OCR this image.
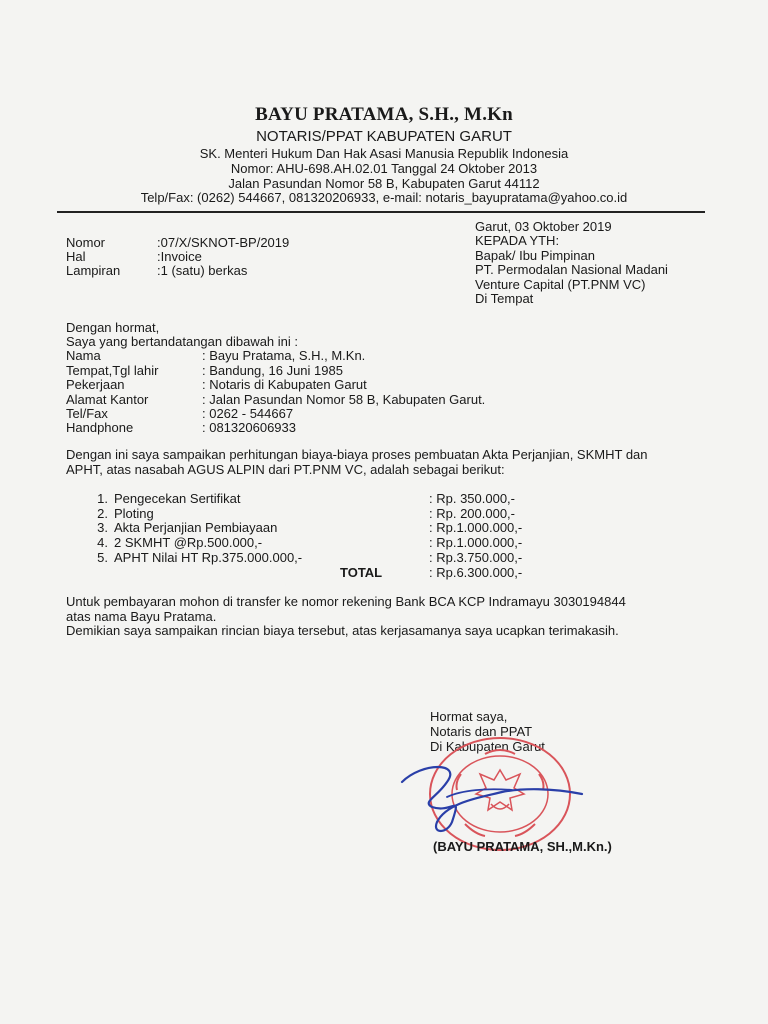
BAYU PRATAMA, S.H., M.Kn
NOTARIS/PPAT KABUPATEN GARUT
SK. Menteri Hukum Dan Hak Asasi Manusia Republik Indonesia
Nomor: AHU-698.AH.02.01 Tanggal 24 Oktober 2013
Jalan Pasundan Nomor 58 B, Kabupaten Garut 44112
Telp/Fax: (0262) 544667, 081320206933, e-mail: notaris_bayupratama@yahoo.co.id
Nomor	:07/X/SKNOT-BP/2019
Hal	:Invoice
Lampiran	:1 (satu) berkas
Garut, 03 Oktober 2019
KEPADA YTH:
Bapak/ Ibu Pimpinan
PT. Permodalan Nasional Madani
Venture Capital (PT.PNM VC)
Di Tempat
Dengan hormat,
Saya yang bertandatangan dibawah ini :
Nama	: Bayu Pratama, S.H., M.Kn.
Tempat,Tgl lahir	: Bandung, 16 Juni 1985
Pekerjaan	: Notaris di Kabupaten Garut
Alamat Kantor	: Jalan Pasundan Nomor 58 B, Kabupaten Garut.
Tel/Fax	: 0262 - 544667
Handphone	: 081320606933
Dengan ini saya sampaikan perhitungan biaya-biaya proses pembuatan Akta Perjanjian, SKMHT dan
APHT, atas nasabah AGUS ALPIN dari PT.PNM VC, adalah sebagai berikut:
1. Pengecekan Sertifikat	: Rp. 350.000,-
2. Ploting	: Rp. 200.000,-
3. Akta Perjanjian Pembiayaan	: Rp.1.000.000,-
4. 2 SKMHT @Rp.500.000,-	: Rp.1.000.000,-
5. APHT Nilai HT Rp.375.000.000,-	: Rp.3.750.000,-
TOTAL	: Rp.6.300.000,-
Untuk pembayaran mohon di transfer ke nomor rekening Bank BCA KCP Indramayu 3030194844
atas nama Bayu Pratama.
Demikian saya sampaikan rincian biaya tersebut, atas kerjasamanya saya ucapkan terimakasih.
Hormat saya,
Notaris dan PPAT
Di Kabupaten Garut
(BAYU PRATAMA, SH.,M.Kn.)
